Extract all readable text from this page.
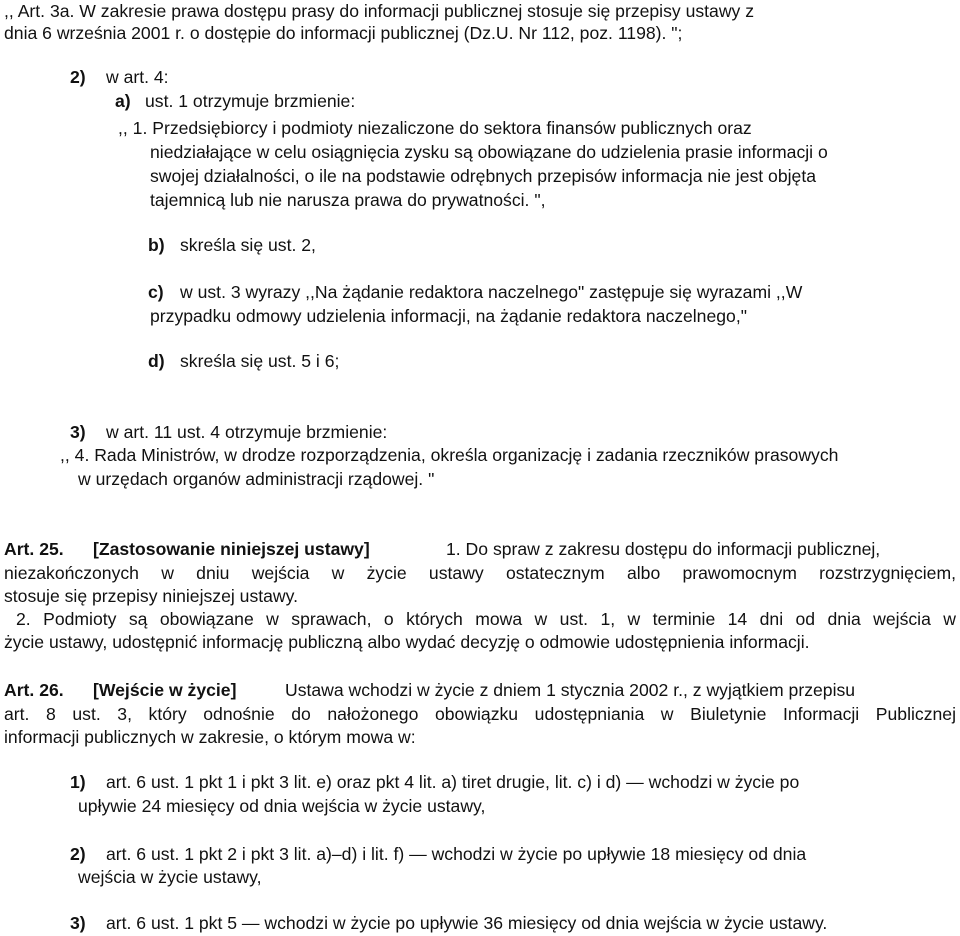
,, Art. 3a. W zakresie prawa dostępu prasy do informacji publicznej stosuje się przepisy ustawy z
dnia 6 września 2001 r. o dostępie do informacji publicznej (Dz.U. Nr 112, poz. 1198). ";
2) w art. 4:
a) ust. 1 otrzymuje brzmienie:
,, 1. Przedsiębiorcy i podmioty niezaliczone do sektora finansów publicznych oraz
niedziałające w celu osiągnięcia zysku są obowiązane do udzielenia prasie informacji o
swojej działalności, o ile na podstawie odrębnych przepisów informacja nie jest objęta
tajemnicą lub nie narusza prawa do prywatności. ",
b) skreśla się ust. 2,
c) w ust. 3 wyrazy ,,Na żądanie redaktora naczelnego" zastępuje się wyrazami ,,W
przypadku odmowy udzielenia informacji, na żądanie redaktora naczelnego,"
d) skreśla się ust. 5 i 6;
3) w art. 11 ust. 4 otrzymuje brzmienie:
,, 4. Rada Ministrów, w drodze rozporządzenia, określa organizację i zadania rzeczników prasowych
w urzędach organów administracji rządowej. "
Art. 25. [Zastosowanie niniejszej ustawy]	1. Do spraw z zakresu dostępu do informacji publicznej,
niezakończonych w dniu wejścia w życie ustawy ostatecznym albo prawomocnym rozstrzygnięciem,
stosuje się przepisy niniejszej ustawy.
2. Podmioty są obowiązane w sprawach, o których mowa w ust. 1, w terminie 14 dni od dnia wejścia w
życie ustawy, udostępnić informację publiczną albo wydać decyzję o odmowie udostępnienia informacji.
Art. 26. [Wejście w życie]	Ustawa wchodzi w życie z dniem 1 stycznia 2002 r., z wyjątkiem przepisu
art. 8 ust. 3, który odnośnie do nałożonego obowiązku udostępniania w Biuletynie Informacji Publicznej
informacji publicznych w zakresie, o którym mowa w:
1) art. 6 ust. 1 pkt 1 i pkt 3 lit. e) oraz pkt 4 lit. a) tiret drugie, lit. c) i d) — wchodzi w życie po
upływie 24 miesięcy od dnia wejścia w życie ustawy,
2) art. 6 ust. 1 pkt 2 i pkt 3 lit. a)–d) i lit. f) — wchodzi w życie po upływie 18 miesięcy od dnia
wejścia w życie ustawy,
3) art. 6 ust. 1 pkt 5 — wchodzi w życie po upływie 36 miesięcy od dnia wejścia w życie ustawy.
